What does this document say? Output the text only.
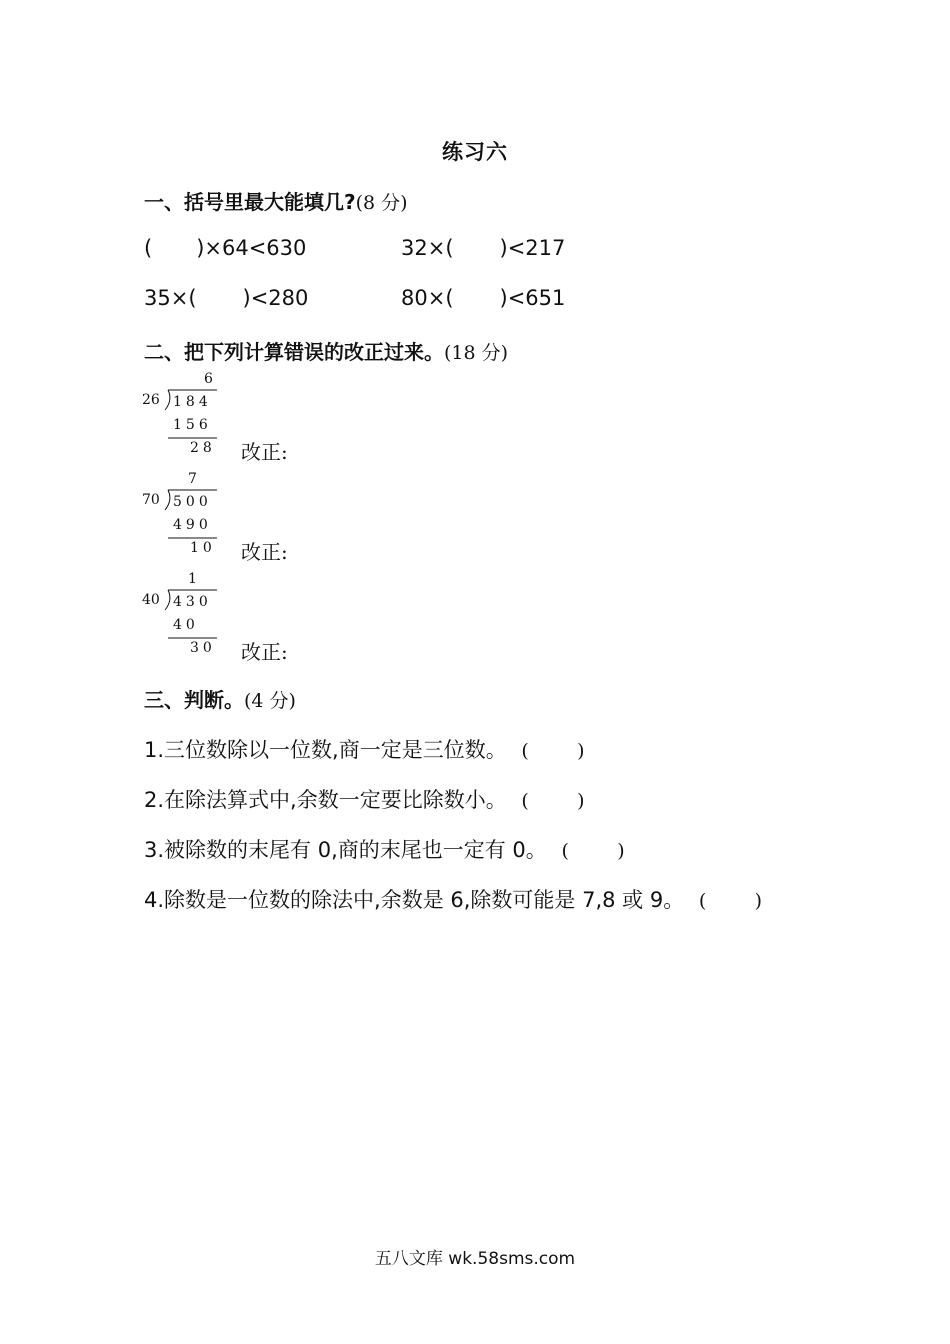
练习六
一、括号里最大能填几?(8 分)
( )×64<630	32×( )<217
35×( )<280	80×( )<651
二、把下列计算错误的改正过来。(18 分)
6
26 184
156
28 改正:
7
70 500
490
10 改正:
1
40 430
40
30 改正:
三、判断。(4 分)
1.三位数除以一位数,商一定是三位数。 (        )
2.在除法算式中,余数一定要比除数小。 (        )
3.被除数的末尾有 0,商的末尾也一定有 0。 (        )
4.除数是一位数的除法中,余数是 6,除数可能是 7,8 或 9。 (        )
五八文库 wk.58sms.com
